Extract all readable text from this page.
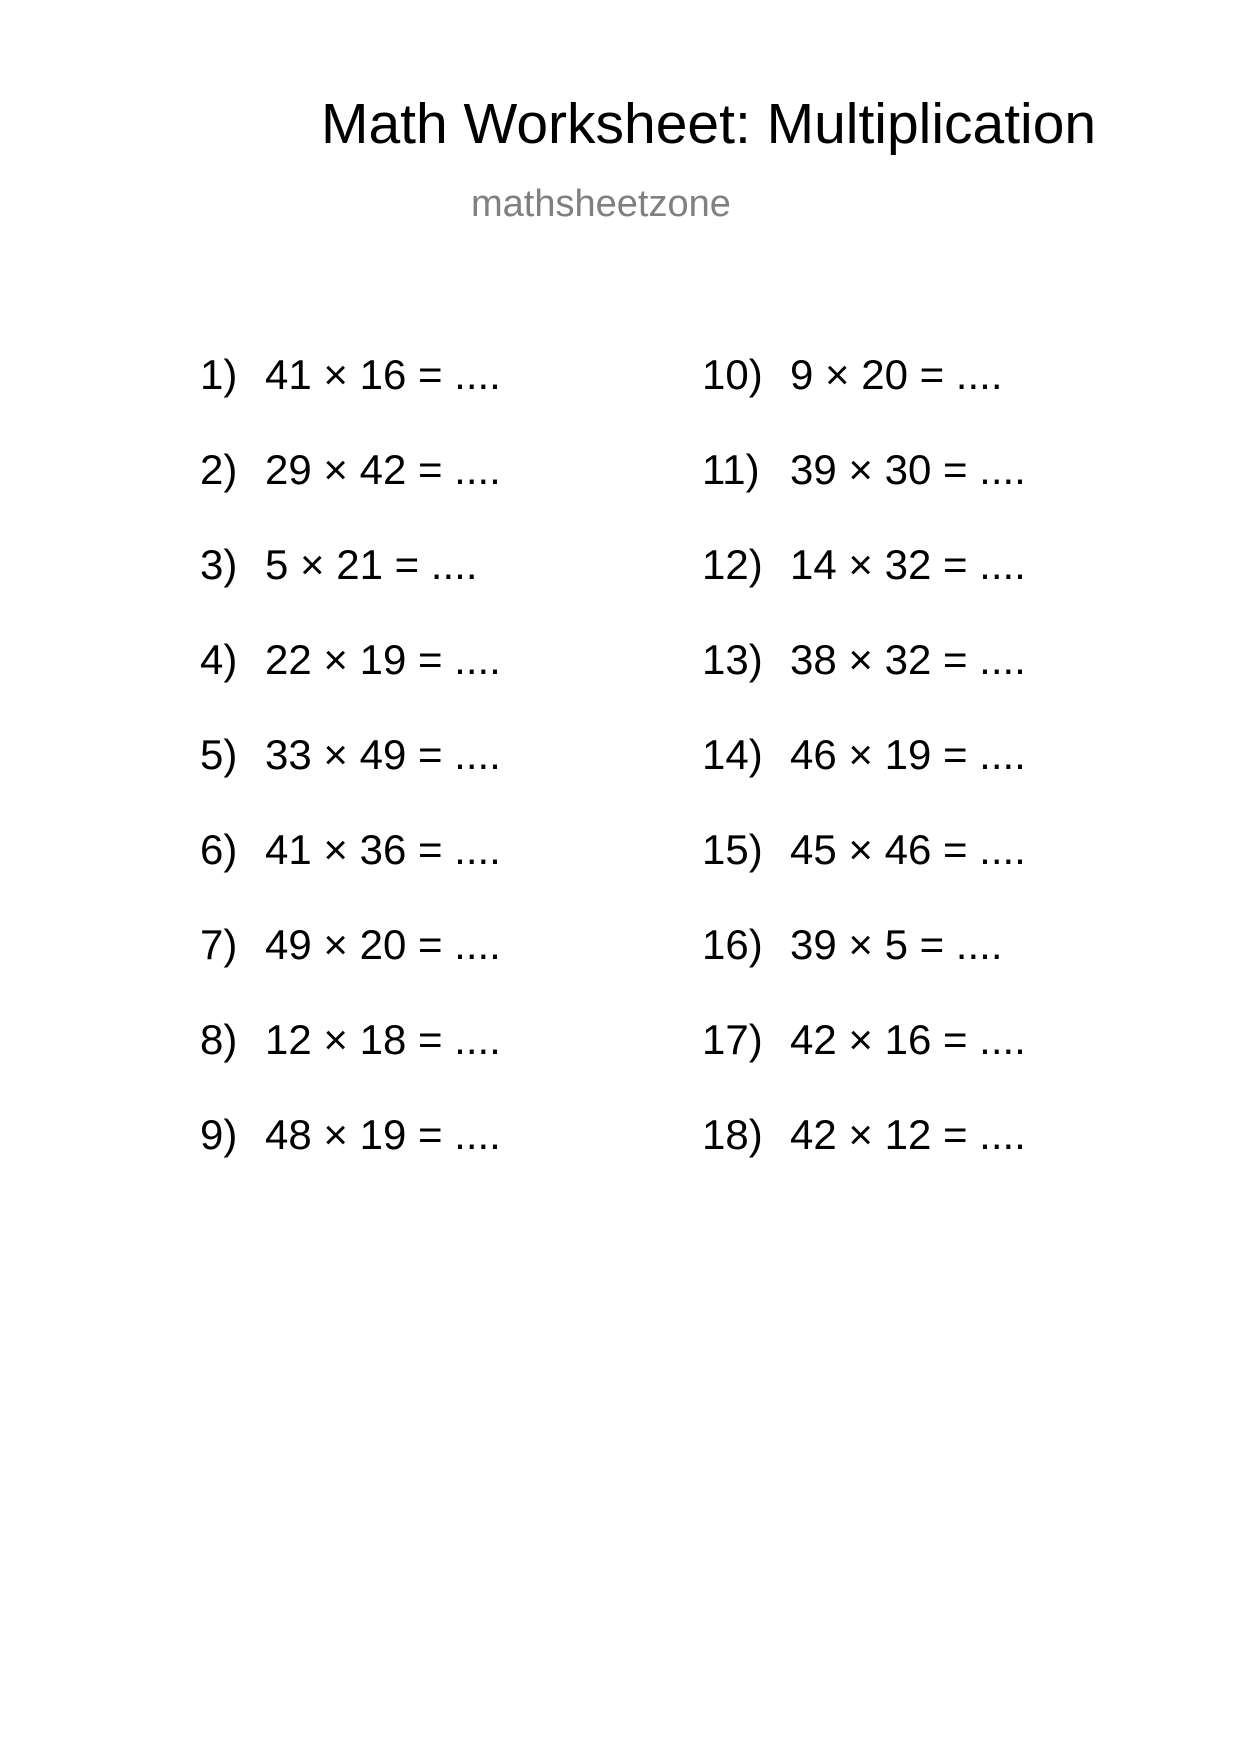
Math Worksheet: Multiplication
mathsheetzone
1) 41 × 16 = ....
2) 29 × 42 = ....
3) 5 × 21 = ....
4) 22 × 19 = ....
5) 33 × 49 = ....
6) 41 × 36 = ....
7) 49 × 20 = ....
8) 12 × 18 = ....
9) 48 × 19 = ....
10) 9 × 20 = ....
11) 39 × 30 = ....
12) 14 × 32 = ....
13) 38 × 32 = ....
14) 46 × 19 = ....
15) 45 × 46 = ....
16) 39 × 5 = ....
17) 42 × 16 = ....
18) 42 × 12 = ....
